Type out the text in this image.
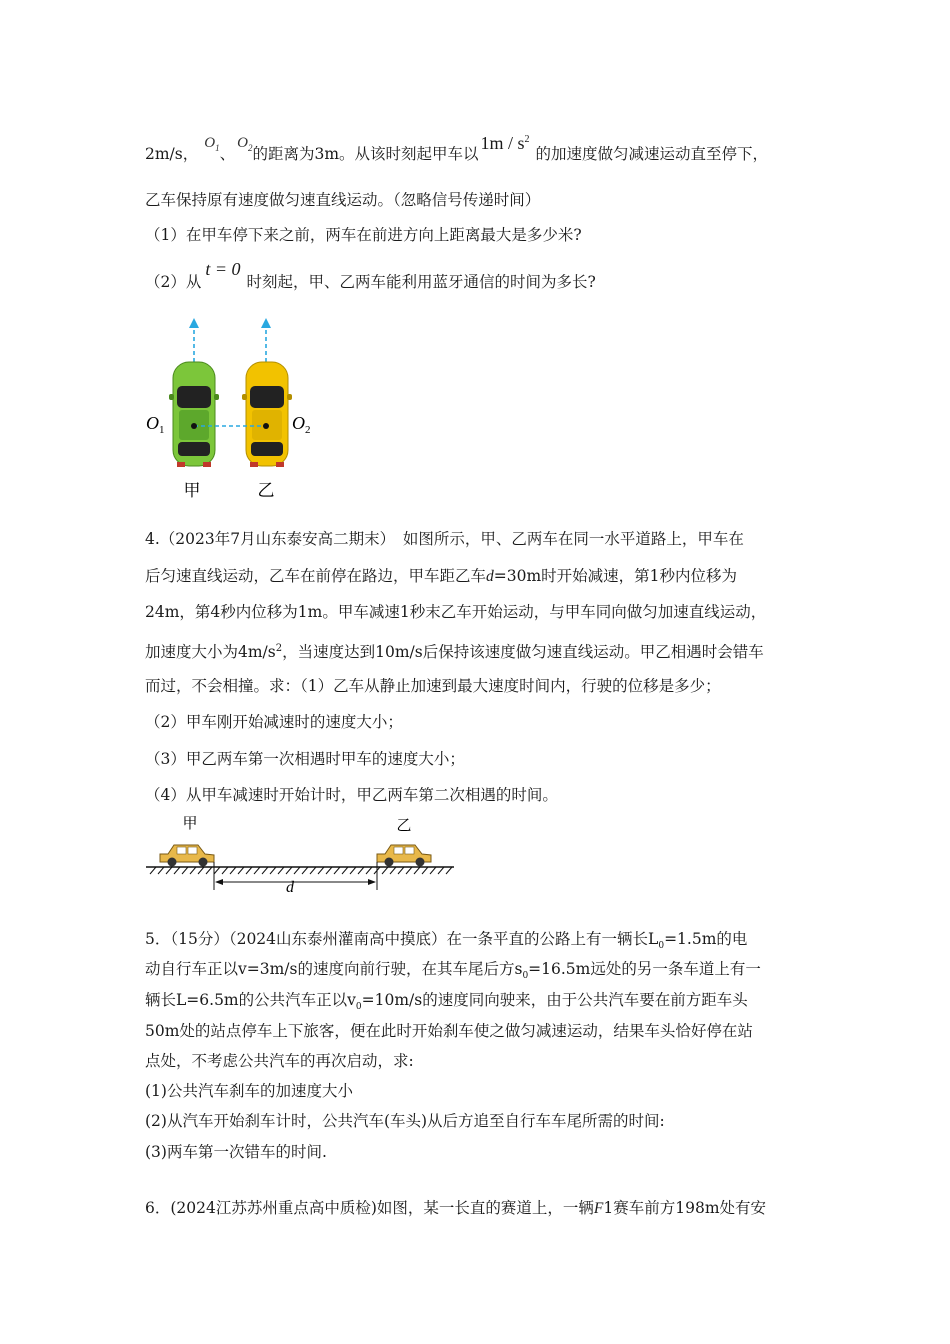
2m/s，$O_1$、$O_2$的距离为3m。从该时刻起甲车以$1m / s^2$的加速度做匀减速运动直至停下，
乙车保持原有速度做匀速直线运动。（忽略信号传递时间）
（1）在甲车停下来之前，两车在前进方向上距离最大是多少米?
（2）从t = 0时刻起，甲、乙两车能利用蓝牙通信的时间为多长?
$O_1$	$O_2$
甲	乙
4.（2023年7月山东泰安高二期末）　如图所示，甲、乙两车在同一水平道路上，甲车在
后匀速直线运动，乙车在前停在路边，甲车距乙车d=30m时开始减速，第1秒内位移为
24m，第4秒内位移为1m。甲车减速1秒末乙车开始运动，与甲车同向做匀加速直线运动，
加速度大小为$4m/s^2$，当速度达到10m/s后保持该速度做匀速直线运动。甲乙相遇时会错车
而过，不会相撞。求：（1）乙车从静止加速到最大速度时间内，行驶的位移是多少；
（2）甲车刚开始减速时的速度大小；
（3）甲乙两车第一次相遇时甲车的速度大小；
（4）从甲车减速时开始计时，甲乙两车第二次相遇的时间。
甲	乙
d
5．（15分）（2024山东泰州灌南高中摸底）在一条平直的公路上有一辆长$L_0=1.5m$的电
动自行车正以v=3m/s的速度向前行驶，在其车尾后方$s_0=16.5m$远处的另一条车道上有一
辆长L=6.5m的公共汽车正以$v_0=10m/s$的速度同向驶来，由于公共汽车要在前方距车头
50m处的站点停车上下旅客，便在此时开始刹车使之做匀减速运动，结果车头恰好停在站
点处，不考虑公共汽车的再次启动，求:
(1)公共汽车刹车的加速度大小
(2)从汽车开始刹车计时，公共汽车(车头)从后方追至自行车车尾所需的时间:
(3)两车第一次错车的时间.
6．(2024江苏苏州重点高中质检)如图，某一长直的赛道上，一辆F1赛车前方198m处有安
